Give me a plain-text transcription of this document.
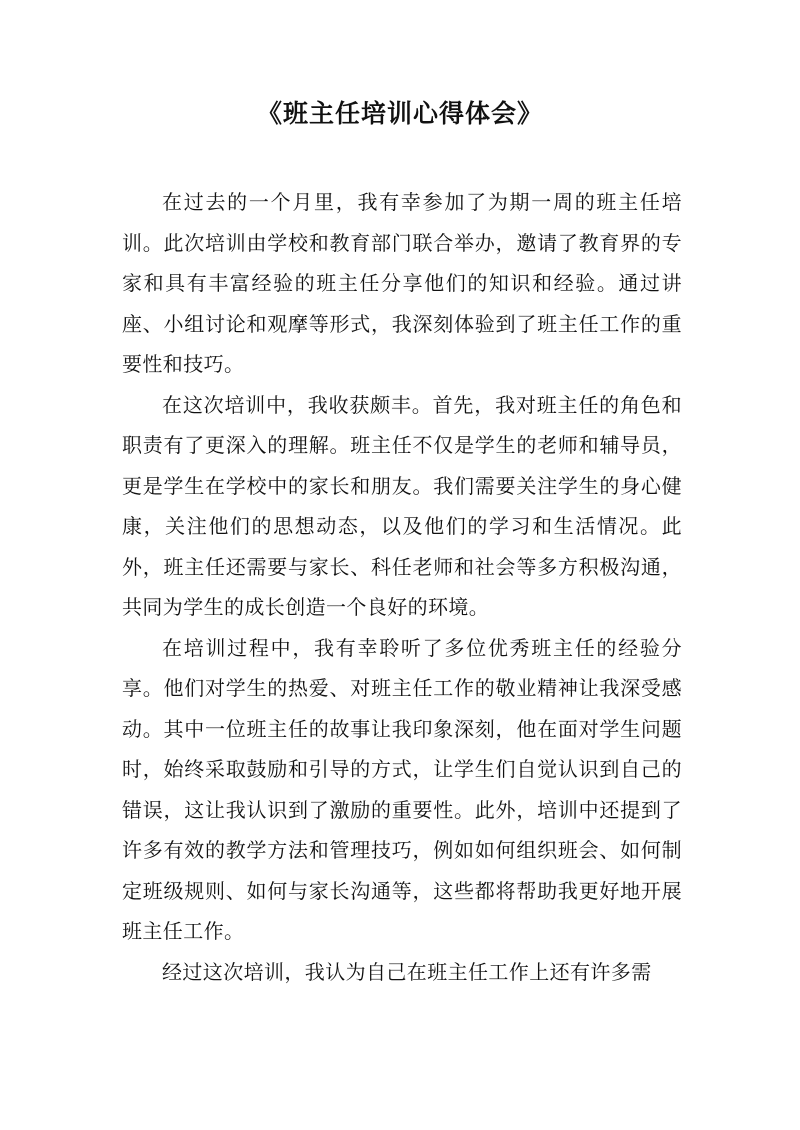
《班主任培训心得体会》

在过去的一个月里，我有幸参加了为期一周的班主任培训。此次培训由学校和教育部门联合举办，邀请了教育界的专家和具有丰富经验的班主任分享他们的知识和经验。通过讲座、小组讨论和观摩等形式，我深刻体验到了班主任工作的重要性和技巧。

在这次培训中，我收获颇丰。首先，我对班主任的角色和职责有了更深入的理解。班主任不仅是学生的老师和辅导员，更是学生在学校中的家长和朋友。我们需要关注学生的身心健康，关注他们的思想动态，以及他们的学习和生活情况。此外，班主任还需要与家长、科任老师和社会等多方积极沟通，共同为学生的成长创造一个良好的环境。

在培训过程中，我有幸聆听了多位优秀班主任的经验分享。他们对学生的热爱、对班主任工作的敬业精神让我深受感动。其中一位班主任的故事让我印象深刻，他在面对学生问题时，始终采取鼓励和引导的方式，让学生们自觉认识到自己的错误，这让我认识到了激励的重要性。此外，培训中还提到了许多有效的教学方法和管理技巧，例如如何组织班会、如何制定班级规则、如何与家长沟通等，这些都将帮助我更好地开展班主任工作。

经过这次培训，我认为自己在班主任工作上还有许多需
